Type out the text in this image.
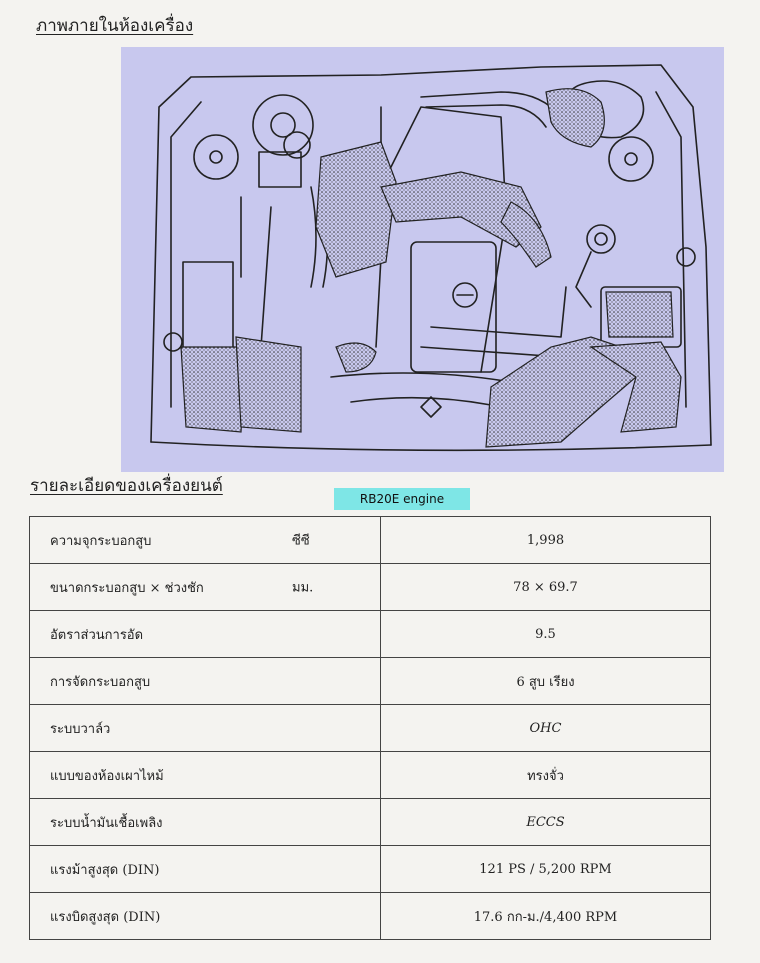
ภาพภายในห้องเครื่อง
รายละเอียดของเครื่องยนต์
RB20E engine
ความจุกระบอกสูบ ซีซี	1,998
ขนาดกระบอกสูบ × ช่วงชัก มม.	78 × 69.7
อัตราส่วนการอัด	9.5
การจัดกระบอกสูบ	6 สูบ เรียง
ระบบวาล์ว	OHC
แบบของห้องเผาไหม้	ทรงจั่ว
ระบบน้ำมันเชื้อเพลิง	ECCS
แรงม้าสูงสุด (DIN)	121 PS / 5,200 RPM
แรงบิดสูงสุด (DIN)	17.6 กก-ม./4,400 RPM
